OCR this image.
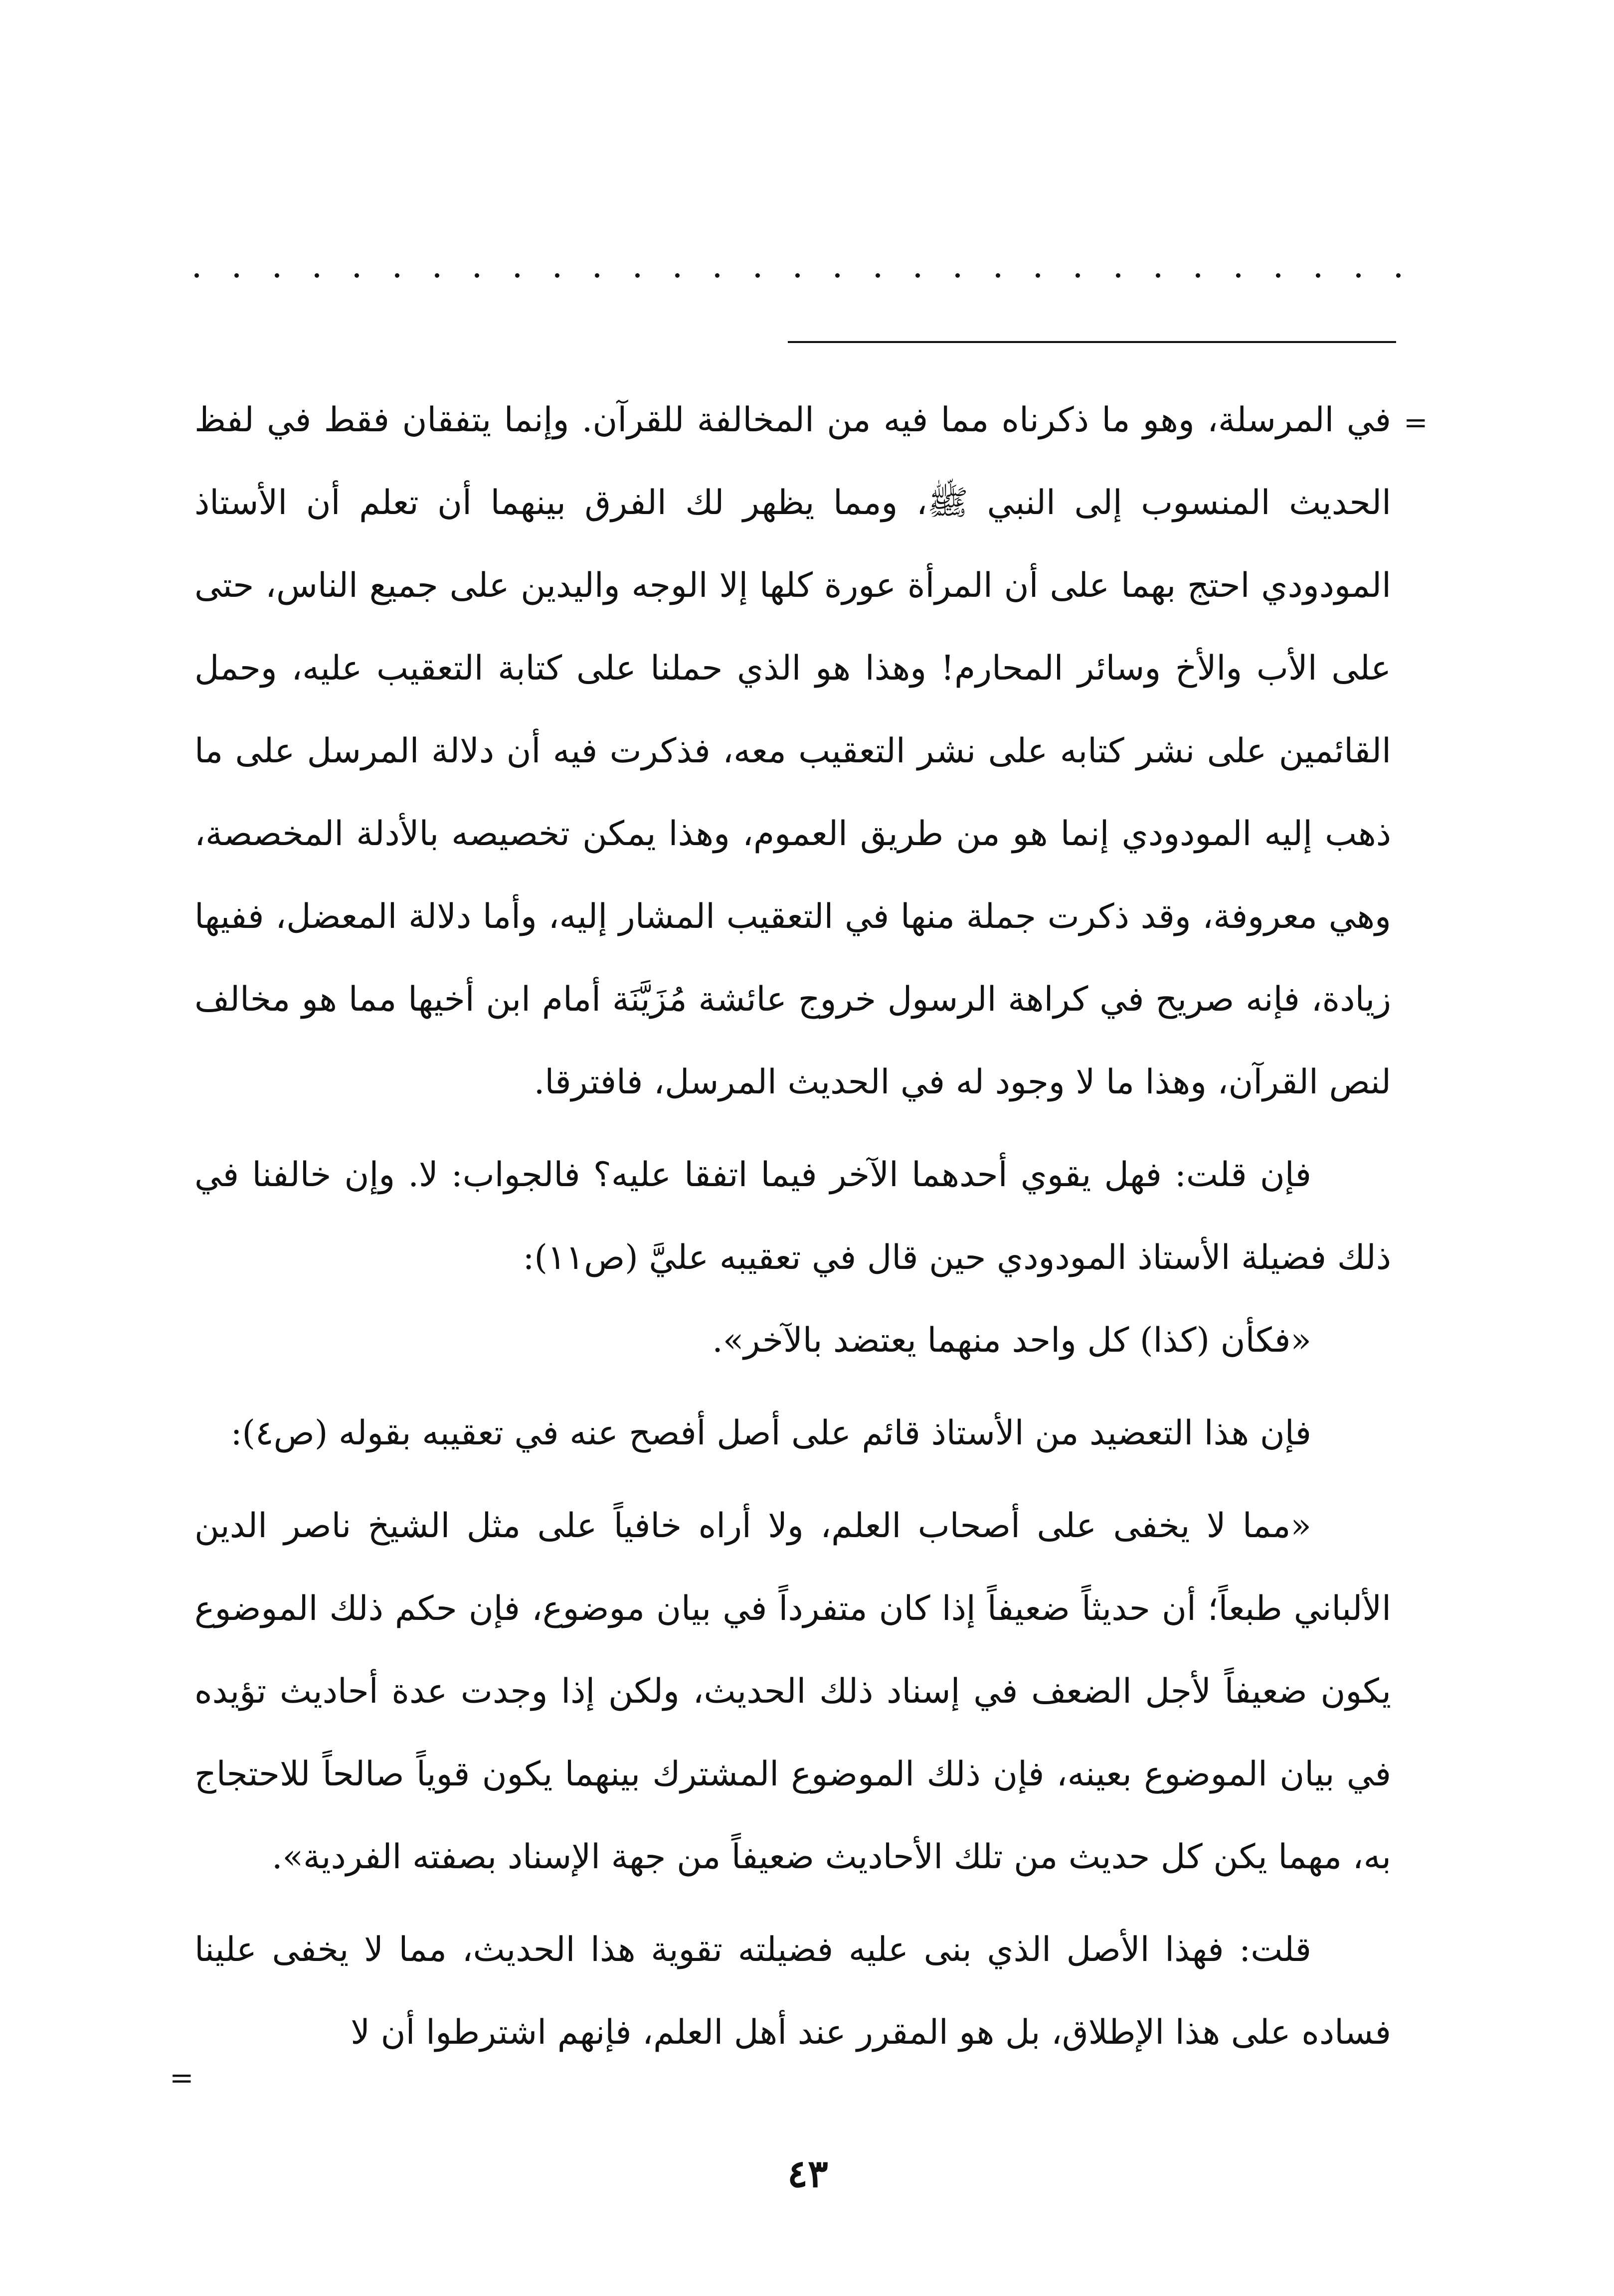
=

في المرسلة، وهو ما ذكرناه مما فيه من المخالفة للقرآن. وإنما يتفقان فقط في لفظ الحديث المنسوب إلى النبي ﷺ، ومما يظهر لك الفرق بينهما أن تعلم أن الأستاذ المودودي احتج بهما على أن المرأة عورة كلها إلا الوجه واليدين على جميع الناس، حتى على الأب والأخ وسائر المحارم! وهذا هو الذي حملنا على كتابة التعقيب عليه، وحمل القائمين على نشر كتابه على نشر التعقيب معه، فذكرت فيه أن دلالة المرسل على ما ذهب إليه المودودي إنما هو من طريق العموم، وهذا يمكن تخصيصه بالأدلة المخصصة، وهي معروفة، وقد ذكرت جملة منها في التعقيب المشار إليه، وأما دلالة المعضل، ففيها زيادة، فإنه صريح في كراهة الرسول خروج عائشة مُزَيَّنَة أمام ابن أخيها مما هو مخالف لنص القرآن، وهذا ما لا وجود له في الحديث المرسل، فافترقا.

فإن قلت: فهل يقوي أحدهما الآخر فيما اتفقا عليه؟ فالجواب: لا. وإن خالفنا في ذلك فضيلة الأستاذ المودودي حين قال في تعقيبه عليَّ (ص١١):

«فكأن (كذا) كل واحد منهما يعتضد بالآخر».

فإن هذا التعضيد من الأستاذ قائم على أصل أفصح عنه في تعقيبه بقوله (ص٤):

«مما لا يخفى على أصحاب العلم، ولا أراه خافياً على مثل الشيخ ناصر الدين الألباني طبعاً؛ أن حديثاً ضعيفاً إذا كان متفرداً في بيان موضوع، فإن حكم ذلك الموضوع يكون ضعيفاً لأجل الضعف في إسناد ذلك الحديث، ولكن إذا وجدت عدة أحاديث تؤيده في بيان الموضوع بعينه، فإن ذلك الموضوع المشترك بينهما يكون قوياً صالحاً للاحتجاج به، مهما يكن كل حديث من تلك الأحاديث ضعيفاً من جهة الإسناد بصفته الفردية».

قلت: فهذا الأصل الذي بنى عليه فضيلته تقوية هذا الحديث، مما لا يخفى علينا فساده على هذا الإطلاق، بل هو المقرر عند أهل العلم، فإنهم اشترطوا أن لا

=
٤٣
